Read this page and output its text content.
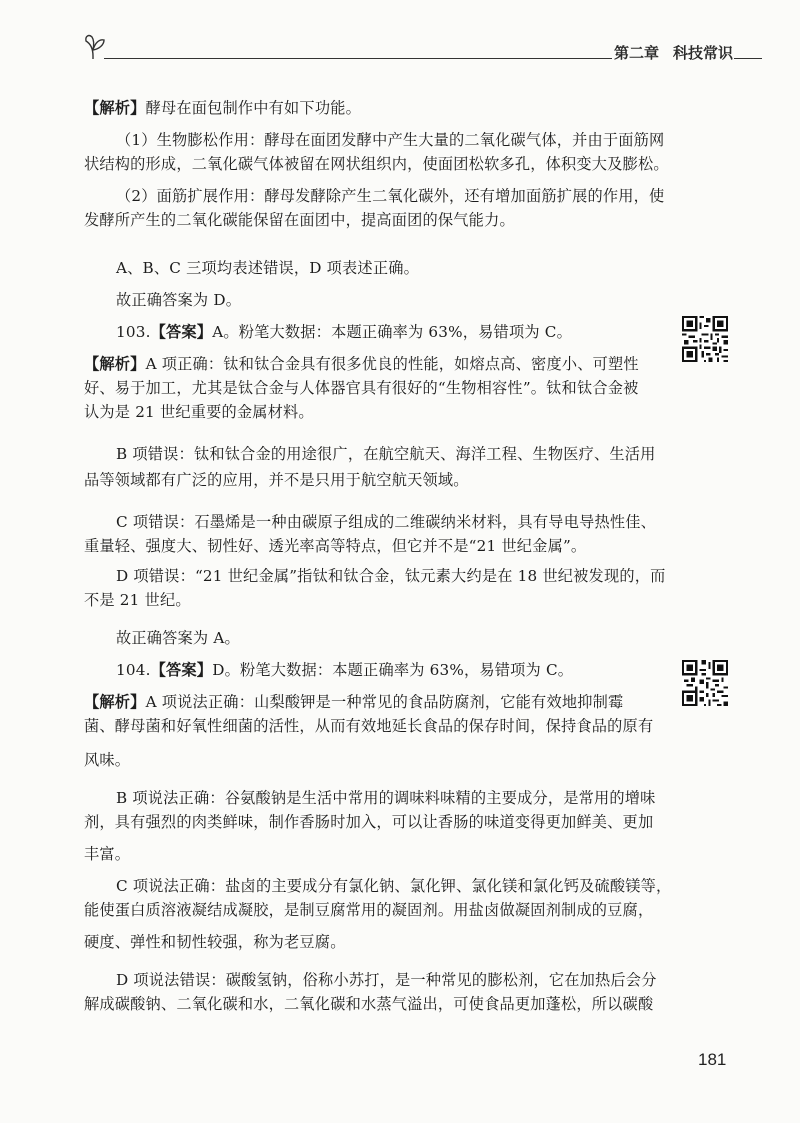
第二章 科技常识
【解析】酵母在面包制作中有如下功能。
（1）生物膨松作用：酵母在面团发酵中产生大量的二氧化碳气体，并由于面筋网
状结构的形成，二氧化碳气体被留在网状组织内，使面团松软多孔，体积变大及膨松。
（2）面筋扩展作用：酵母发酵除产生二氧化碳外，还有增加面筋扩展的作用，使
发酵所产生的二氧化碳能保留在面团中，提高面团的保气能力。
A、B、C 三项均表述错误，D 项表述正确。
故正确答案为 D。
103.【答案】A。粉笔大数据：本题正确率为 63%，易错项为 C。
【解析】A 项正确：钛和钛合金具有很多优良的性能，如熔点高、密度小、可塑性
好、易于加工，尤其是钛合金与人体器官具有很好的“生物相容性”。钛和钛合金被
认为是 21 世纪重要的金属材料。
B 项错误：钛和钛合金的用途很广，在航空航天、海洋工程、生物医疗、生活用
品等领域都有广泛的应用，并不是只用于航空航天领域。
C 项错误：石墨烯是一种由碳原子组成的二维碳纳米材料，具有导电导热性佳、
重量轻、强度大、韧性好、透光率高等特点，但它并不是“21 世纪金属”。
D 项错误：“21 世纪金属”指钛和钛合金，钛元素大约是在 18 世纪被发现的，而
不是 21 世纪。
故正确答案为 A。
104.【答案】D。粉笔大数据：本题正确率为 63%，易错项为 C。
【解析】A 项说法正确：山梨酸钾是一种常见的食品防腐剂，它能有效地抑制霉
菌、酵母菌和好氧性细菌的活性，从而有效地延长食品的保存时间，保持食品的原有
风味。
B 项说法正确：谷氨酸钠是生活中常用的调味料味精的主要成分，是常用的增味
剂，具有强烈的肉类鲜味，制作香肠时加入，可以让香肠的味道变得更加鲜美、更加
丰富。
C 项说法正确：盐卤的主要成分有氯化钠、氯化钾、氯化镁和氯化钙及硫酸镁等，
能使蛋白质溶液凝结成凝胶，是制豆腐常用的凝固剂。用盐卤做凝固剂制成的豆腐，
硬度、弹性和韧性较强，称为老豆腐。
D 项说法错误：碳酸氢钠，俗称小苏打，是一种常见的膨松剂，它在加热后会分
解成碳酸钠、二氧化碳和水，二氧化碳和水蒸气溢出，可使食品更加蓬松，所以碳酸
181
